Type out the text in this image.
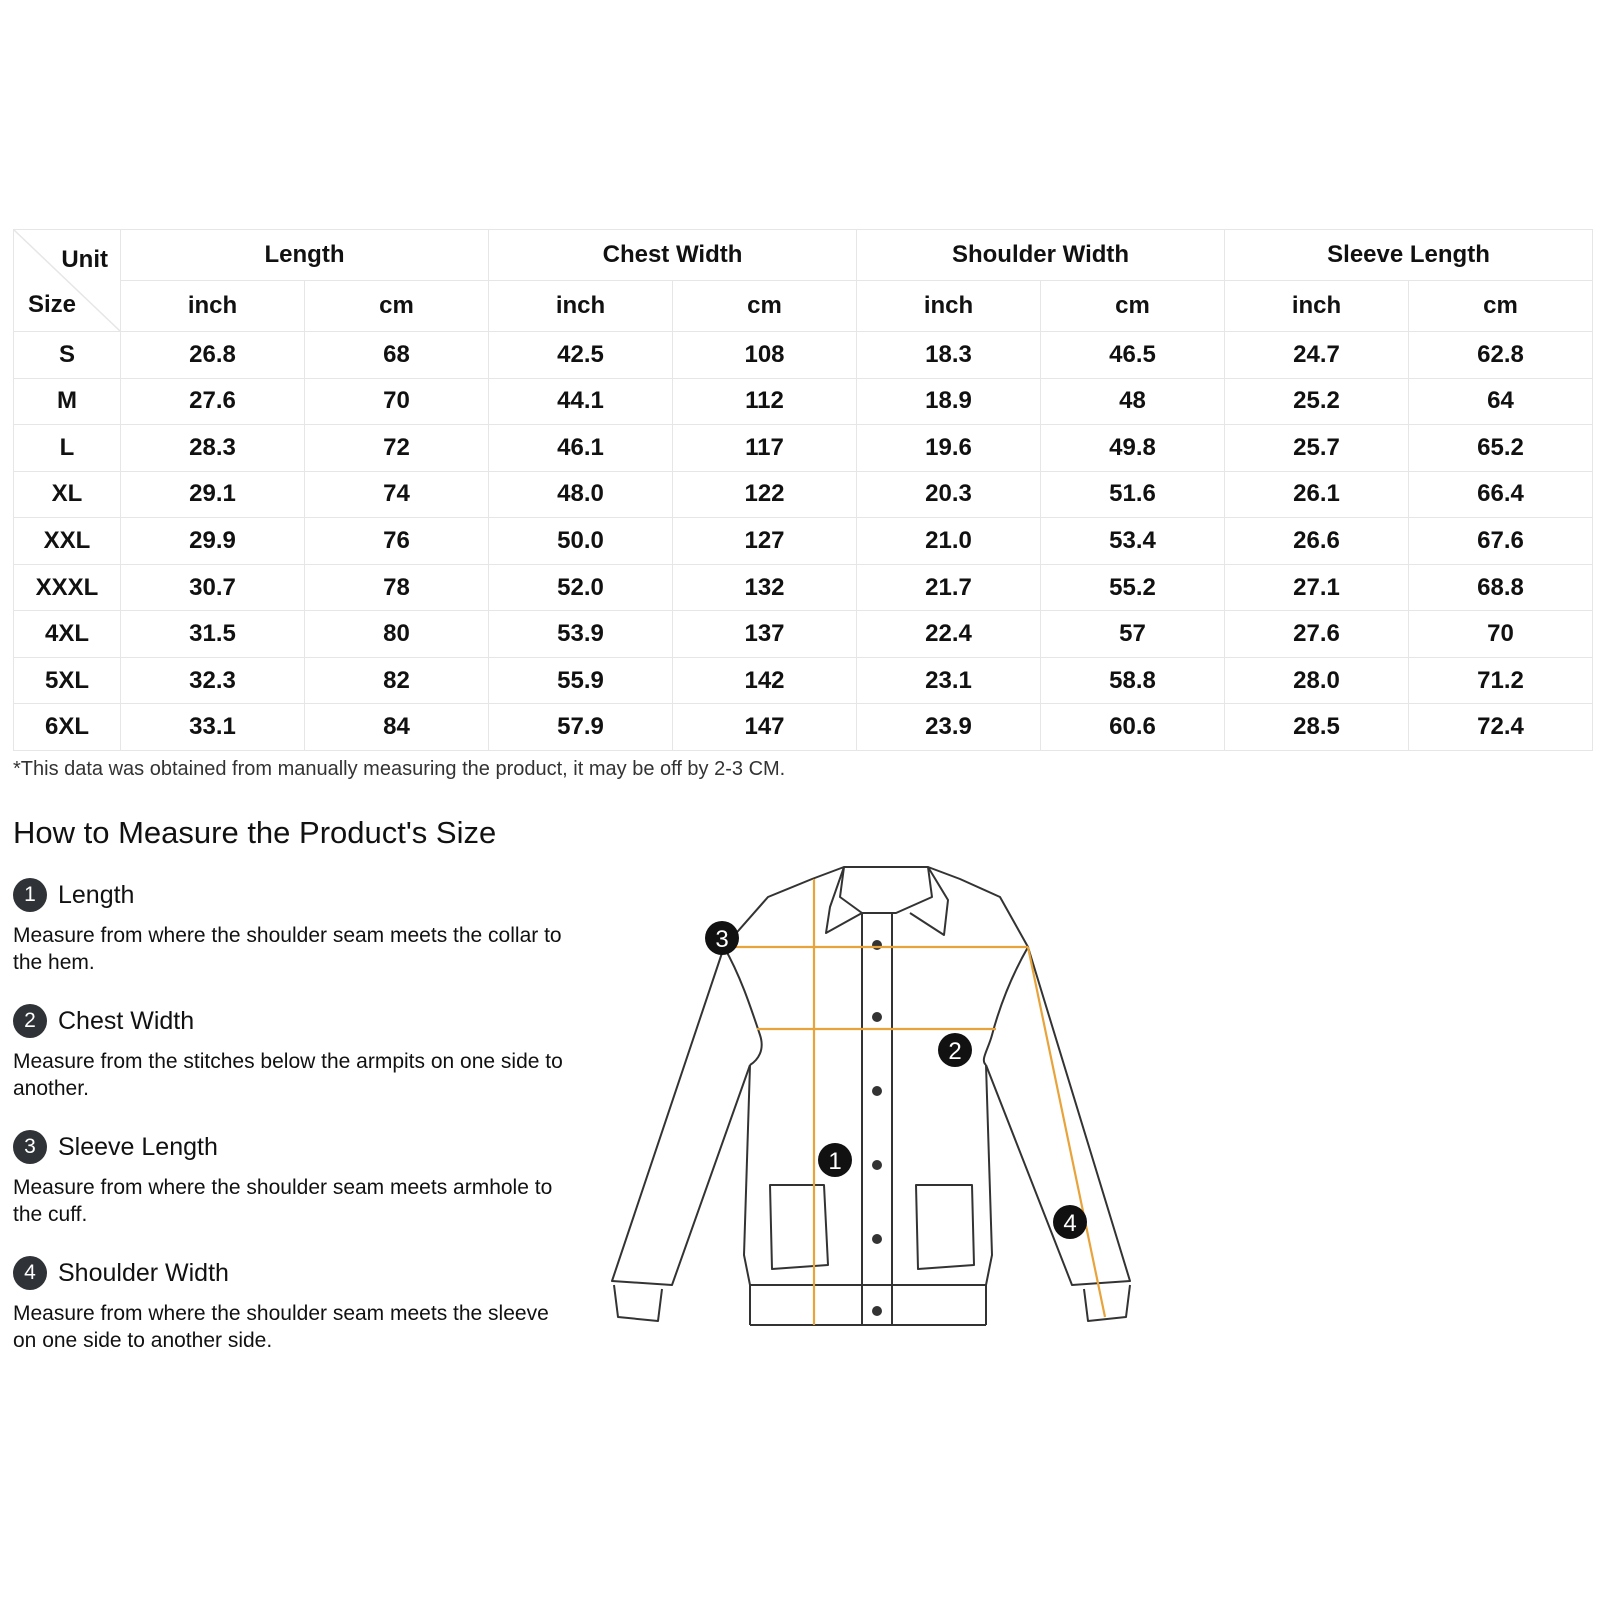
Unit
Size	Length		Chest Width		Shoulder Width		Sleeve Length	
	inch	cm	inch	cm	inch	cm	inch	cm
S	26.8	68	42.5	108	18.3	46.5	24.7	62.8
M	27.6	70	44.1	112	18.9	48	25.2	64
L	28.3	72	46.1	117	19.6	49.8	25.7	65.2
XL	29.1	74	48.0	122	20.3	51.6	26.1	66.4
XXL	29.9	76	50.0	127	21.0	53.4	26.6	67.6
XXXL	30.7	78	52.0	132	21.7	55.2	27.1	68.8
4XL	31.5	80	53.9	137	22.4	57	27.6	70
5XL	32.3	82	55.9	142	23.1	58.8	28.0	71.2
6XL	33.1	84	57.9	147	23.9	60.6	28.5	72.4
*This data was obtained from manually measuring the product, it may be off by 2-3 CM.
How to Measure the Product's Size
1 Length
Measure from where the shoulder seam meets the collar to the hem.
2 Chest Width
Measure from the stitches below the armpits on one side to another.
3 Sleeve Length
Measure from where the shoulder seam meets armhole to the cuff.
4 Shoulder Width
Measure from where the shoulder seam meets the sleeve on one side to another side.
1
2
3
4
